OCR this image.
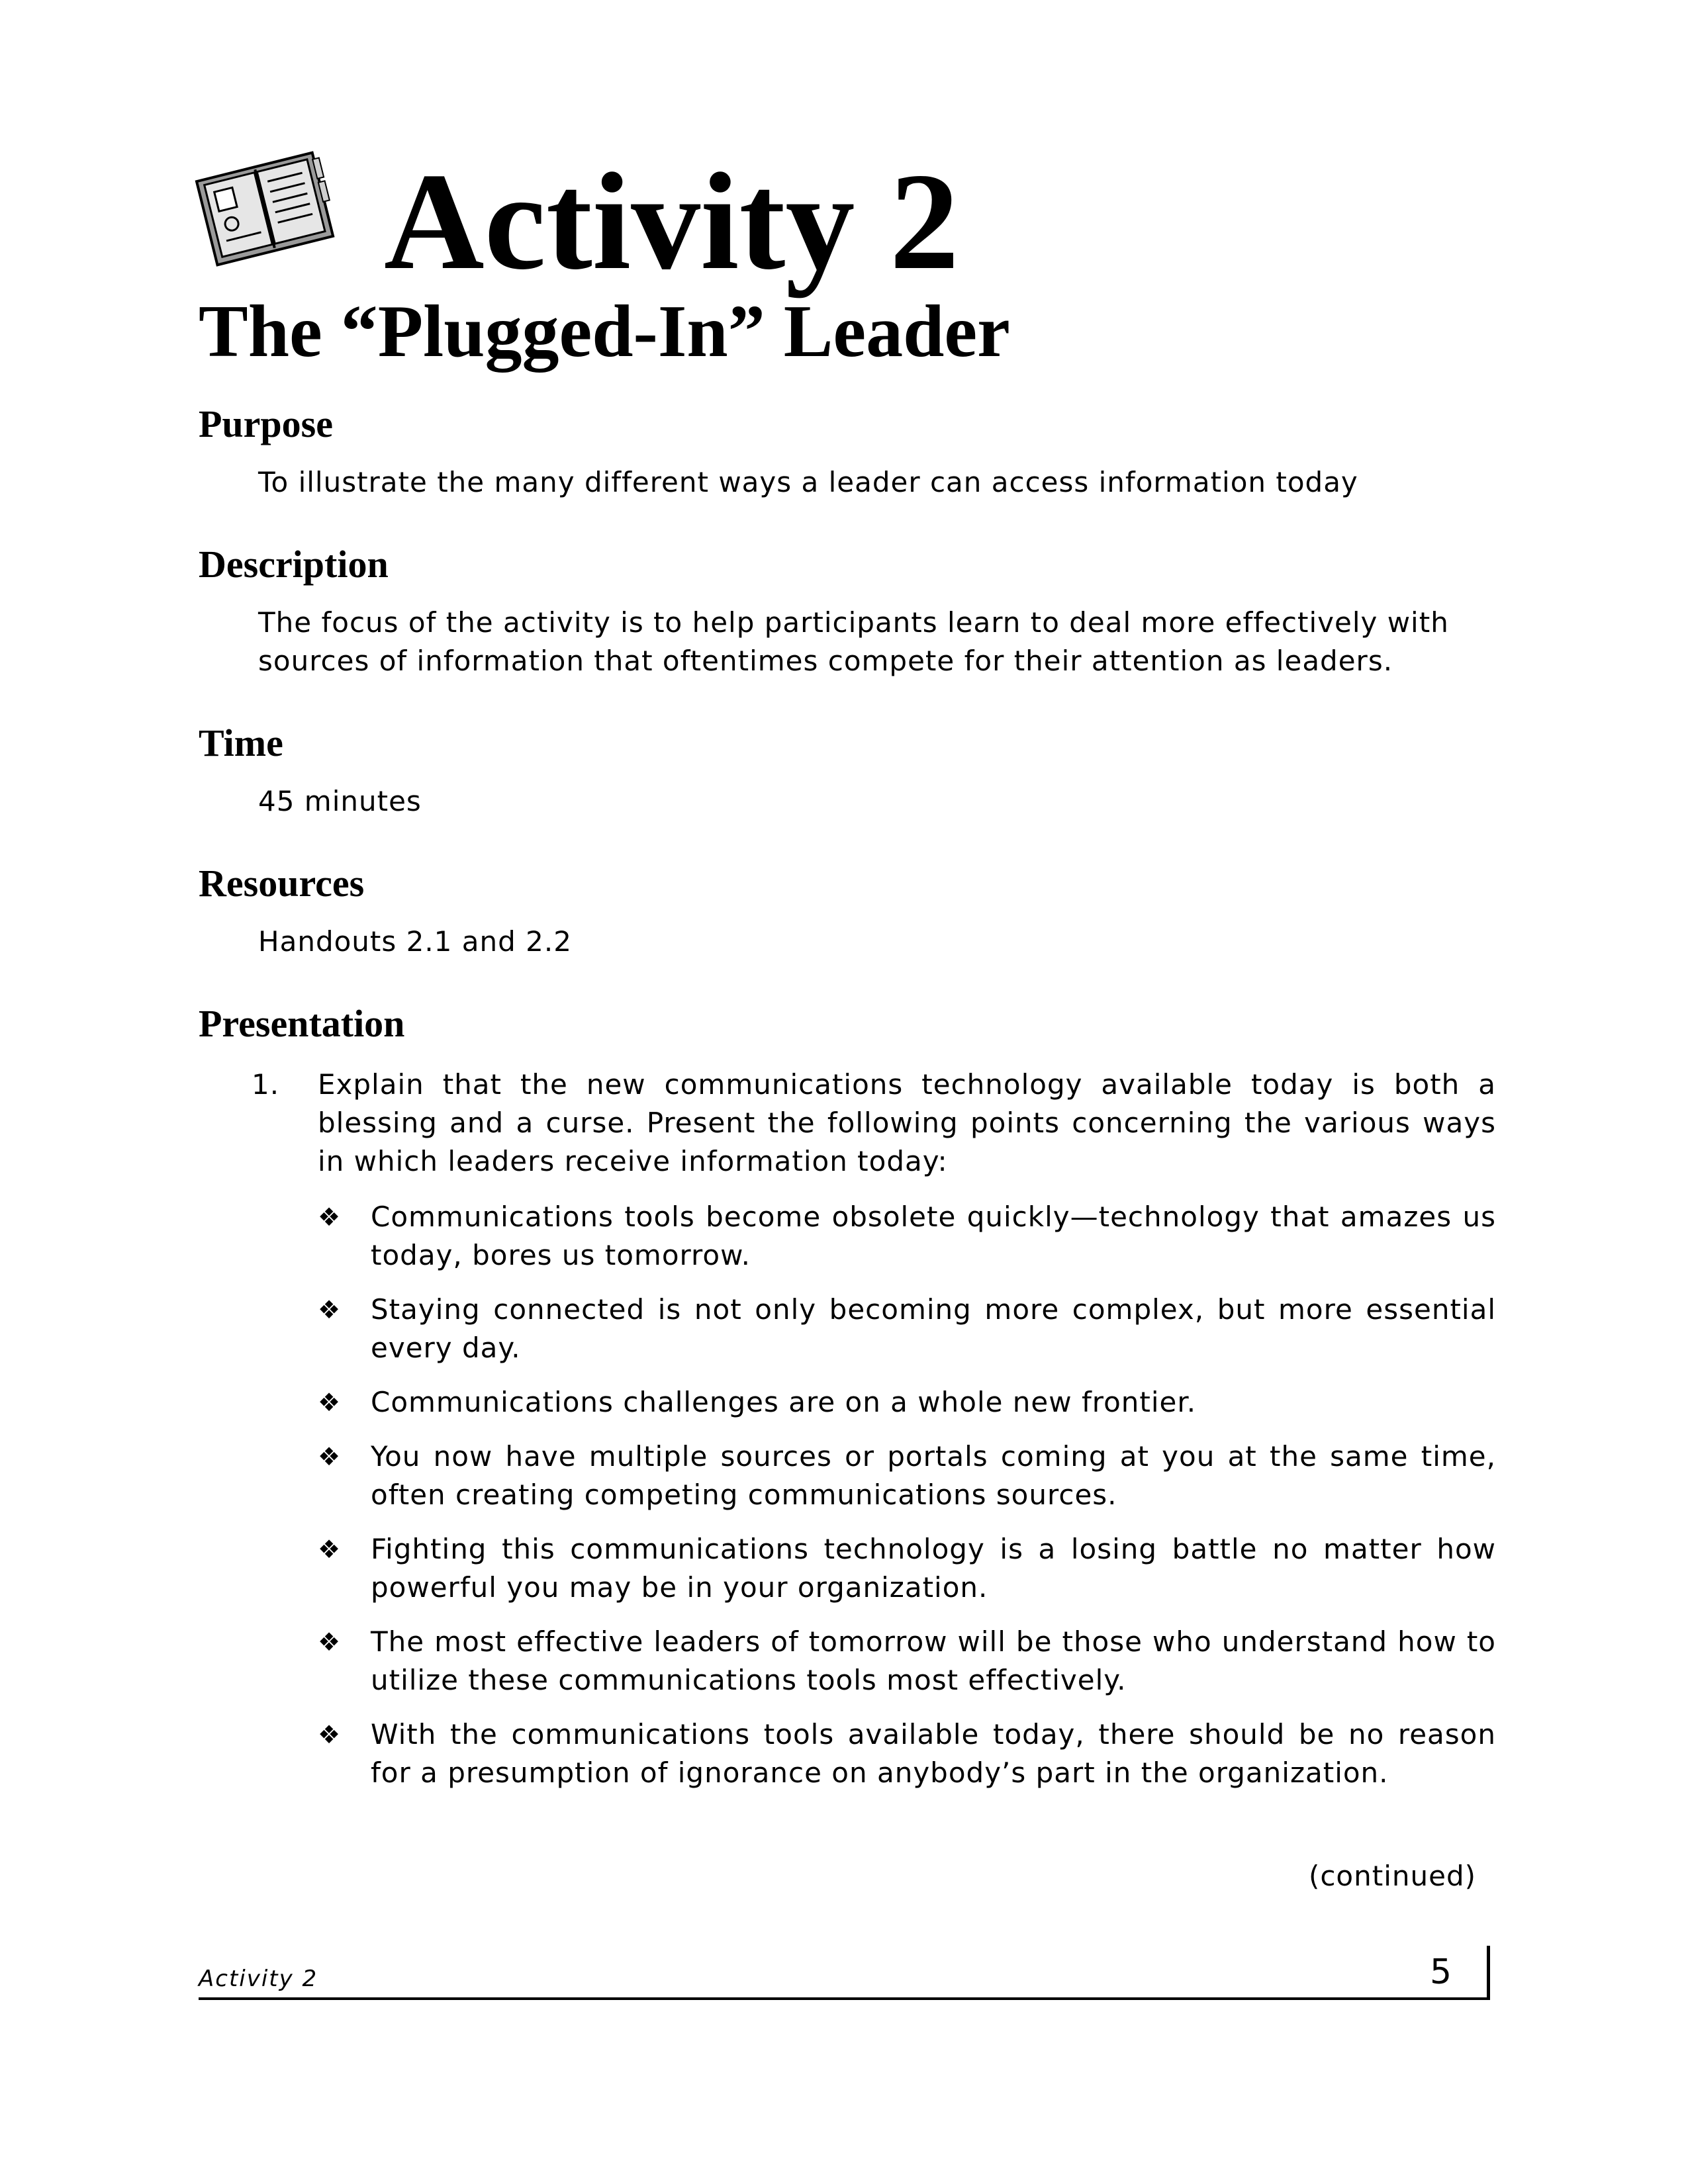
Activity 2
The “Plugged-In” Leader
Purpose
To illustrate the many different ways a leader can access information today
Description
The focus of the activity is to help participants learn to deal more effectively with sources of information that oftentimes compete for their attention as leaders.
Time
45 minutes
Resources
Handouts 2.1 and 2.2
Presentation
1.	Explain that the new communications technology available today is both a blessing and a curse. Present the following points concerning the various ways in which leaders receive information today:
❖	Communications tools become obsolete quickly—technology that amazes us today, bores us tomorrow.
❖	Staying connected is not only becoming more complex, but more essential every day.
❖	Communications challenges are on a whole new frontier.
❖	You now have multiple sources or portals coming at you at the same time, often creating competing communications sources.
❖	Fighting this communications technology is a losing battle no matter how powerful you may be in your organization.
❖	The most effective leaders of tomorrow will be those who understand how to utilize these communications tools most effectively.
❖	With the communications tools available today, there should be no reason for a presumption of ignorance on anybody’s part in the organization.
(continued)
Activity 2	5
